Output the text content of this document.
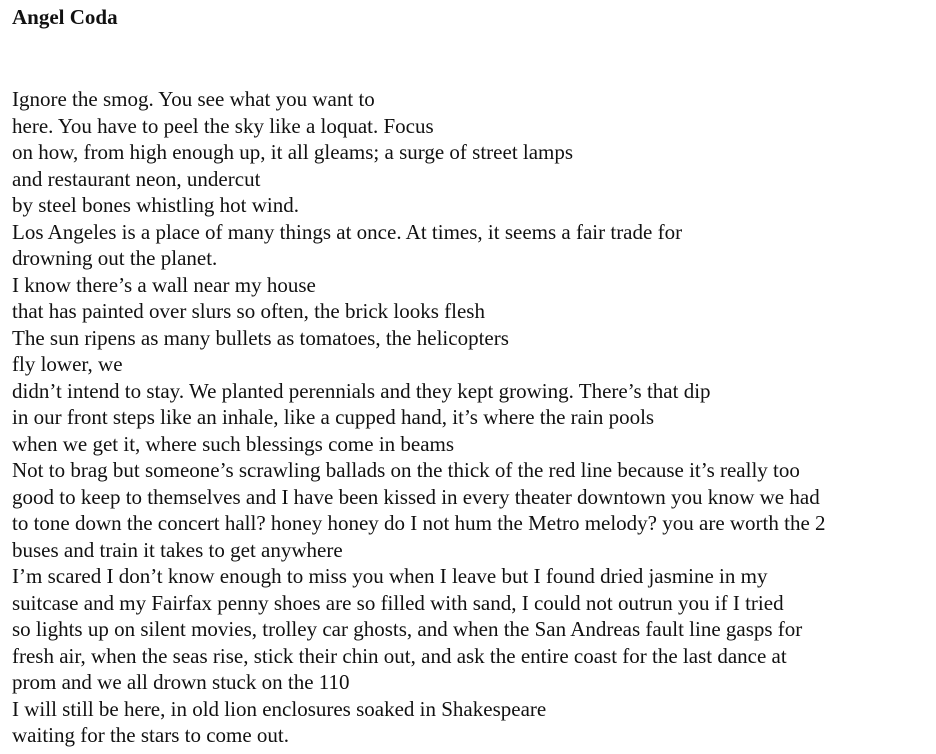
Angel Coda
Ignore the smog. You see what you want to
here. You have to peel the sky like a loquat. Focus
on how, from high enough up, it all gleams; a surge of street lamps
and restaurant neon, undercut
by steel bones whistling hot wind.
Los Angeles is a place of many things at once. At times, it seems a fair trade for
drowning out the planet.
I know there’s a wall near my house
that has painted over slurs so often, the brick looks flesh
The sun ripens as many bullets as tomatoes, the helicopters
fly lower, we
didn’t intend to stay. We planted perennials and they kept growing. There’s that dip
in our front steps like an inhale, like a cupped hand, it’s where the rain pools
when we get it, where such blessings come in beams
Not to brag but someone’s scrawling ballads on the thick of the red line because it’s really too
good to keep to themselves and I have been kissed in every theater downtown you know we had
to tone down the concert hall? honey honey do I not hum the Metro melody? you are worth the 2
buses and train it takes to get anywhere
I’m scared I don’t know enough to miss you when I leave but I found dried jasmine in my
suitcase and my Fairfax penny shoes are so filled with sand, I could not outrun you if I tried
so lights up on silent movies, trolley car ghosts, and when the San Andreas fault line gasps for
fresh air, when the seas rise, stick their chin out, and ask the entire coast for the last dance at
prom and we all drown stuck on the 110
I will still be here, in old lion enclosures soaked in Shakespeare
waiting for the stars to come out.
